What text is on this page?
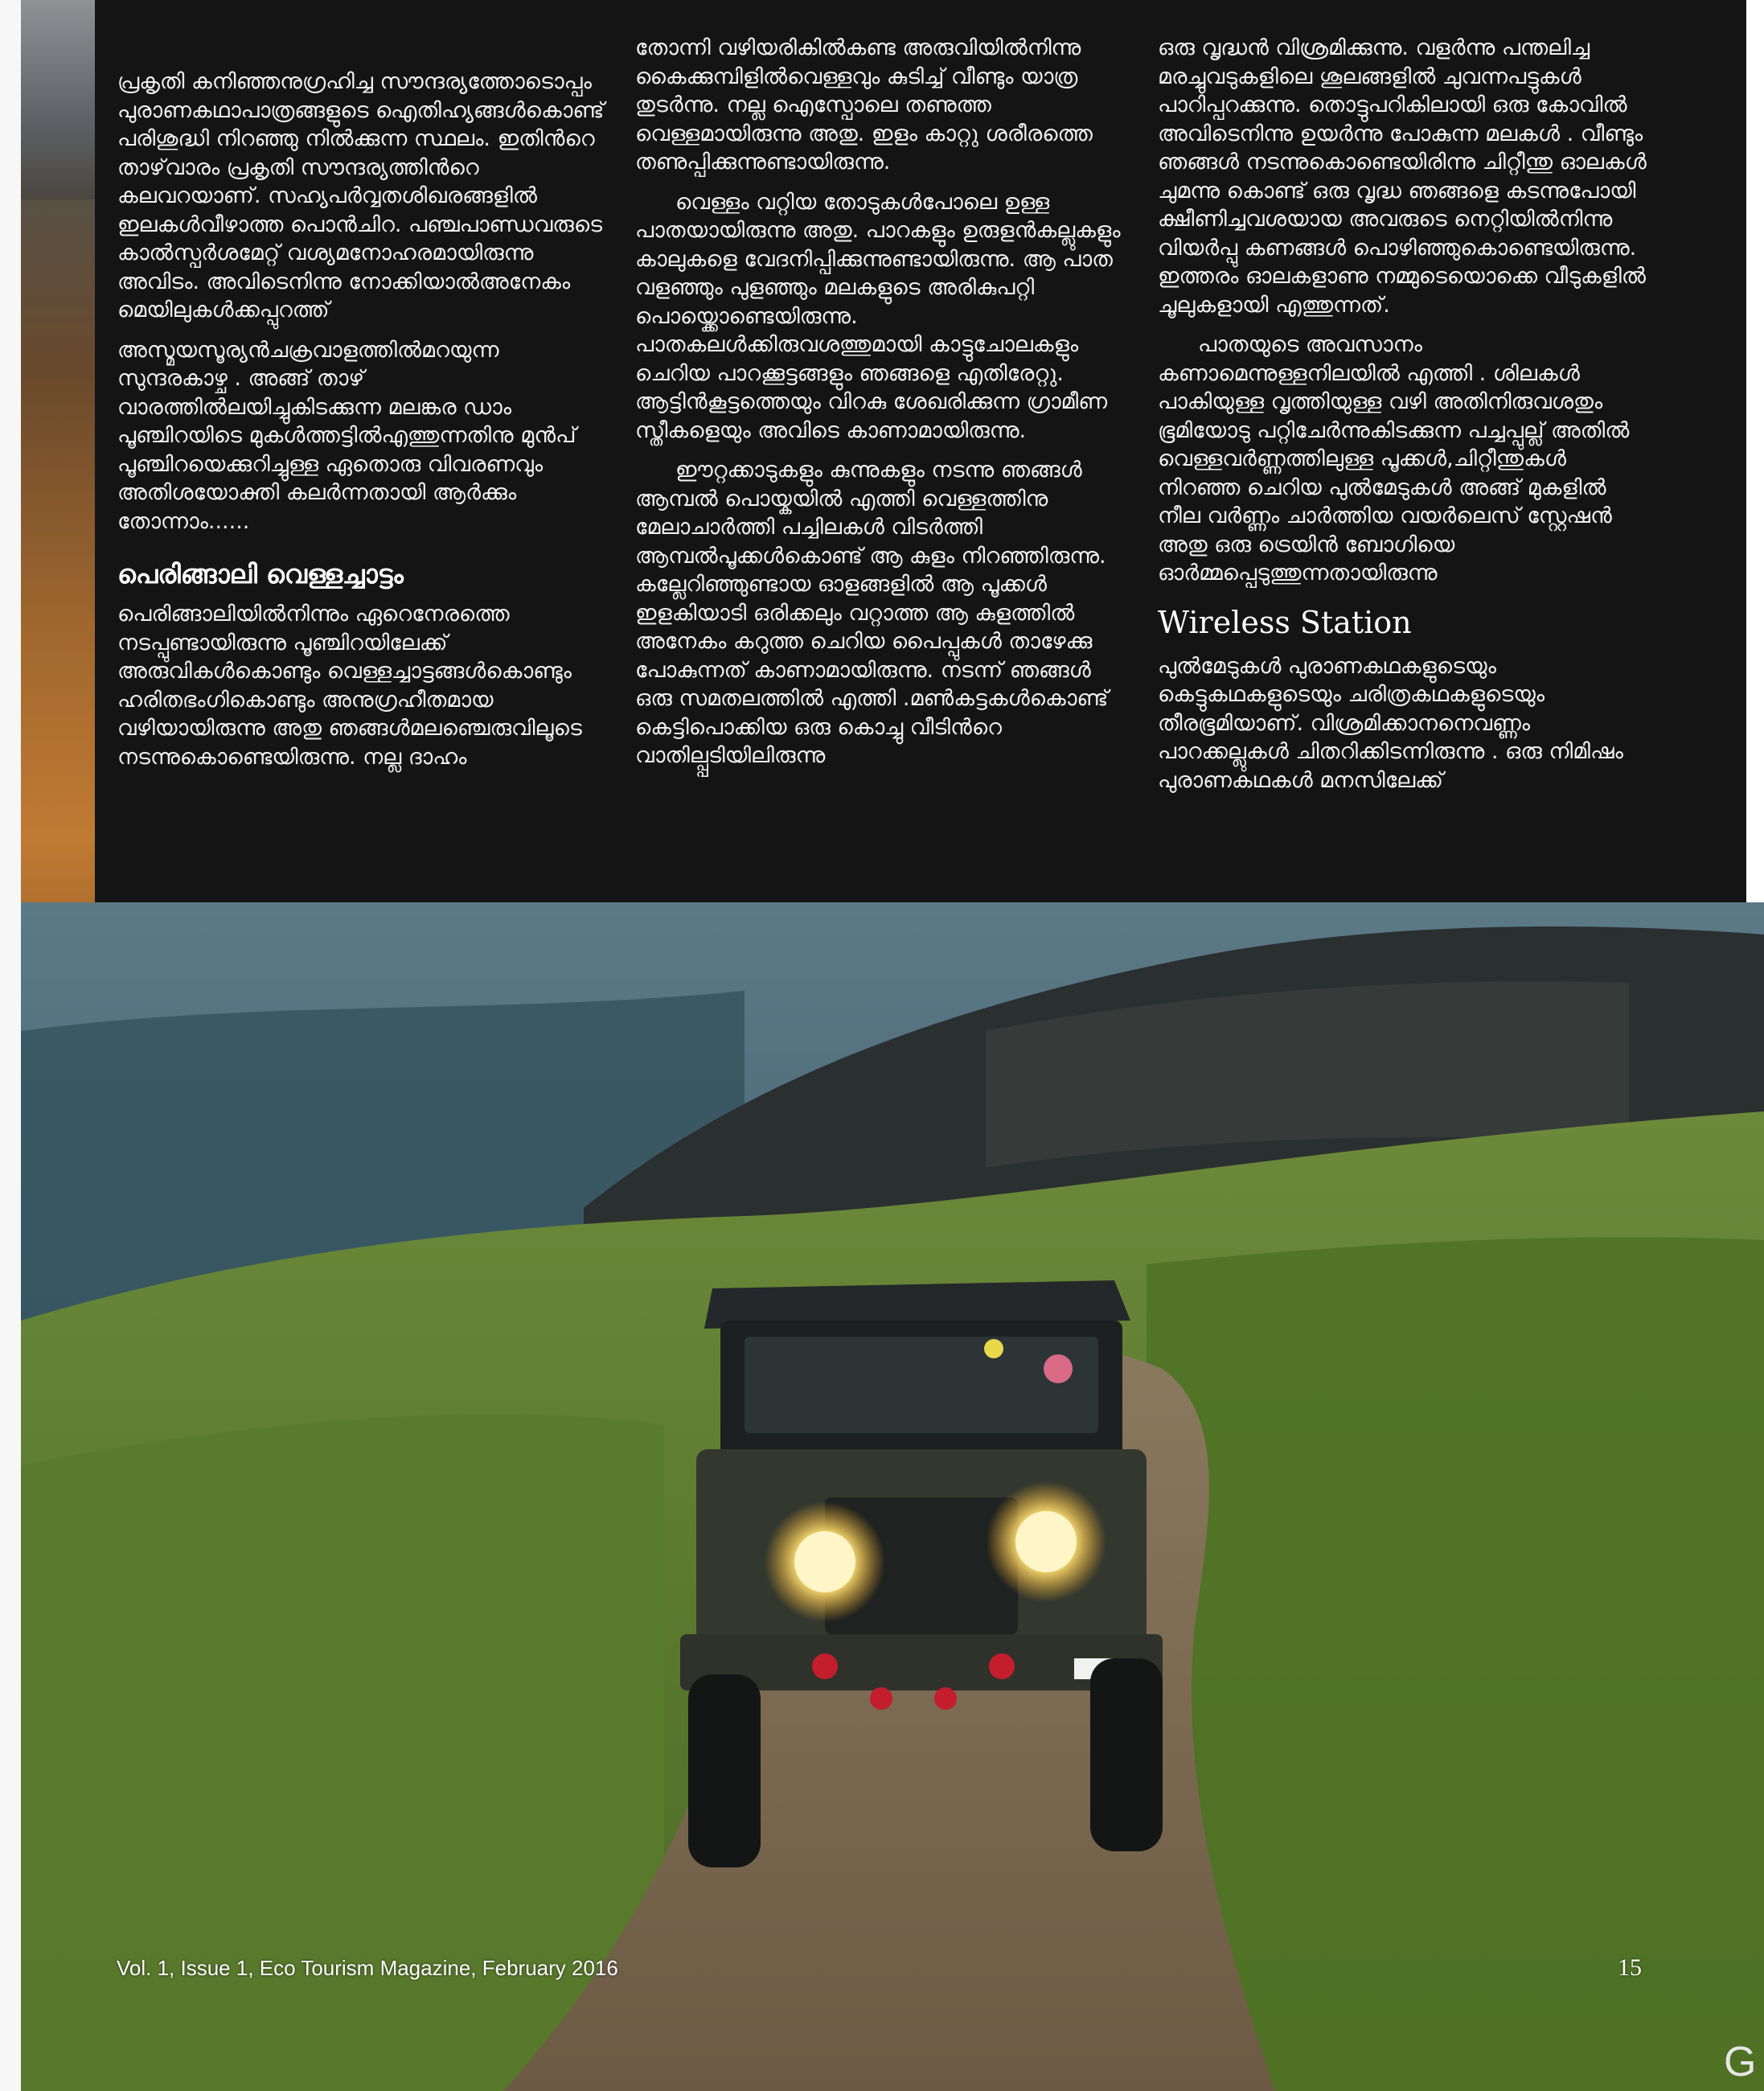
പ്രകൃതി കനിഞ്ഞനുഗ്രഹിച്ച സൗന്ദര്യത്തോടൊപ്പം പുരാണകഥാപാത്രങ്ങളുടെ ഐതിഹ്യങ്ങൾകൊണ്ട് പരിശുദ്ധി നിറഞ്ഞു നിൽക്കുന്ന സ്ഥലം. ഇതിൻറെ താഴ്‌വാരം പ്രകൃതി സൗന്ദര്യത്തിൻറെ കലവറയാണ്. സഹ്യപർവ്വതശിഖരങ്ങളിൽ ഇലകൾവീഴാത്ത പൊൻചിറ. പഞ്ചപാണ്ഡവരുടെ കാൽസ്പർശമേറ്റ് വശ്യമനോഹരമായിരുന്നു അവിടം. അവിടെനിന്നു നോക്കിയാൽഅനേകം മെയിലുകൾക്കപ്പുറത്ത്

അസ്മയസൂര്യൻചക്രവാളത്തിൽമറയുന്ന സുന്ദരകാഴ്ച . അങ്ങ് താഴ് വാരത്തിൽലയിച്ചുകിടക്കുന്ന മലങ്കര ഡാം പൂഞ്ചിറയിടെ മുകൾത്തട്ടിൽഎത്തുന്നതിനു മുൻപ് പൂഞ്ചിറയെക്കുറിച്ചുള്ള ഏതൊരു വിവരണവും അതിശയോക്തി കലർന്നതായി ആർക്കും തോന്നാം......

പെരിങ്ങാലി വെള്ളച്ചാട്ടം

പെരിങ്ങാലിയിൽനിന്നും ഏറെനേരത്തെ നടപ്പുണ്ടായിരുന്നു പൂഞ്ചിറയിലേക്ക് അരുവികൾകൊണ്ടും വെള്ളച്ചാട്ടങ്ങൾകൊണ്ടും ഹരിതഭംഗികൊണ്ടും അനുഗ്രഹീതമായ വഴിയായിരുന്നു അതു ഞങ്ങൾമലഞ്ചെരുവിലൂടെ നടന്നുകൊണ്ടെയിരുന്നു. നല്ല ദാഹം

തോന്നി വഴിയരികിൽകണ്ട അരുവിയിൽനിന്നു കൈക്കുമ്പിളിൽവെള്ളവും കുടിച്ച് വീണ്ടും യാത്ര തുടർന്നു. നല്ല ഐസ്പോലെ തണുത്ത വെള്ളമായിരുന്നു അതു. ഇളം കാറ്റു ശരീരത്തെ തണുപ്പിക്കുന്നുണ്ടായിരുന്നു.

വെള്ളം വറ്റിയ തോടുകൾപോലെ ഉള്ള പാതയായിരുന്നു അതു. പാറകളും ഉരുളൻകല്ലുകളും കാലുകളെ വേദനിപ്പിക്കുന്നുണ്ടായിരുന്നു. ആ പാത വളഞ്ഞും പുളഞ്ഞും മലകളുടെ അരികുപറ്റി പൊയ്ക്കൊണ്ടെയിരുന്നു. പാതകലൾക്കിരുവശത്തുമായി കാട്ടുചോലകളും ചെറിയ പാറക്കൂട്ടങ്ങളും ഞങ്ങളെ എതിരേറ്റു. ആട്ടിൻകൂട്ടത്തെയും വിറകു ശേഖരിക്കുന്ന ഗ്രാമീണ സ്തീകളെയും അവിടെ കാണാമായിരുന്നു.

ഈറ്റക്കാടുകളും കുന്നുകളും നടന്നു ഞങ്ങൾ ആമ്പൽ പൊയ്കയിൽ എത്തി വെള്ളത്തിനു മേലാചാർത്തി പച്ചിലകൾ വിടർത്തി ആമ്പൽപൂക്കൾകൊണ്ട് ആ കുളം നിറഞ്ഞിരുന്നു. കല്ലേറിഞ്ഞുണ്ടായ ഓളങ്ങളിൽ ആ പൂക്കൾ ഇളകിയാടി ഒരിക്കലും വറ്റാത്ത ആ കുളത്തിൽ അനേകം കറുത്ത ചെറിയ പൈപ്പുകൾ താഴേക്കു പോകുന്നത് കാണാമായിരുന്നു. നടന്ന് ഞങ്ങൾ ഒരു സമതലത്തിൽ എത്തി .മൺകട്ടകൾകൊണ്ട് കെട്ടിപൊക്കിയ ഒരു കൊച്ചു വീടിൻറെ വാതില്പ്പടിയിലിരുന്നു

ഒരു വൃദ്ധൻ വിശ്രമിക്കുന്നു. വളർന്നു പന്തലിച്ച മരച്ചുവടുകളിലെ ശൂലങ്ങളിൽ ചുവന്നപട്ടുകൾ പാറിപ്പറക്കുന്നു. തൊട്ടുപറികിലായി ഒരു കോവിൽ അവിടെനിന്നു ഉയർന്നു പോകുന്ന മലകൾ . വീണ്ടും ഞങ്ങൾ നടന്നുകൊണ്ടെയിരിന്നു ചിറ്റീന്തു ഓലകൾ ചുമന്നു കൊണ്ട് ഒരു വൃദ്ധ ഞങ്ങളെ കടന്നുപോയി ക്ഷീണിച്ചവശയായ അവരുടെ നെറ്റിയിൽനിന്നു വിയർപ്പു കണങ്ങൾ പൊഴിഞ്ഞുകൊണ്ടെയിരുന്നു. ഇത്തരം ഓലകളാണു നമ്മുടെയൊക്കെ വീടുകളിൽ ചൂലുകളായി എത്തുന്നത്.

പാതയുടെ അവസാനം കണാമെന്നുള്ളനിലയിൽ എത്തി . ശിലകൾ പാകിയുള്ള വൃത്തിയുള്ള വഴി അതിനിരുവശതും ഭൂമിയോടു പറ്റിചേർന്നുകിടക്കുന്ന പച്ചപ്പുല്ല് അതിൽ വെള്ളവർണ്ണത്തിലുള്ള പൂക്കൾ,ചിറ്റീന്തുകൾ നിറഞ്ഞ ചെറിയ പുൽമേടുകൾ അങ്ങ് മുകളിൽ നീല വർണ്ണം ചാർത്തിയ വയർലെസ് സ്റ്റേഷൻ അതു ഒരു ട്രെയിൻ ബോഗിയെ ഓർമ്മപ്പെടുത്തുന്നതായിരുന്നു

Wireless Station

പുൽമേടുകൾ പുരാണകഥകളുടെയും കെട്ടുകഥകളുടെയും ചരിത്രകഥകളുടെയും തീരഭൂമിയാണ്. വിശ്രമിക്കാനനെവണ്ണം പാറക്കല്ലുകൾ ചിതറിക്കിടന്നിരുന്നു . ഒരു നിമിഷം പുരാണകഥകൾ മനസിലേക്ക്

Vol. 1, Issue 1, Eco Tourism Magazine, February 2016	15
G
